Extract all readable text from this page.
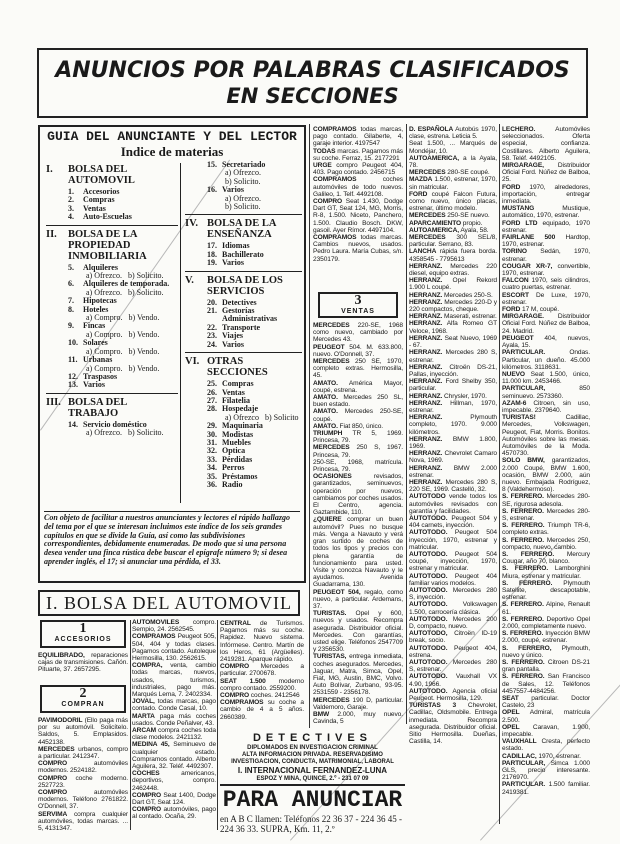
ANUNCIOS POR PALABRAS CLASIFICADOS
EN SECCIONES
GUIA DEL ANUNCIANTE Y DEL LECTOR
Indice de materias
I.	BOLSA DEL AUTOMOVIL
1.	Accesorios
2.	Compras
3.	Ventas
4.	Auto-Escuelas
II.	BOLSA DE LA PROPIEDAD INMOBILIARIA
5.	Alquileres
a) Ofrezco. b) Solicito.
6.	Alquileres de temporada.
a) Ofrezco. b) Solicito.
7.	Hipotecas
8.	Hoteles
a) Compro. b) Vendo.
9.	Fincas
a) Compro. b) Vendo.
10. Solares
a) Compro. b) Vendo.
11. Urbanas
a) Compro. b) Vendo.
12. Traspasos
13. Varios
III. BOLSA DEL TRABAJO
14. Servicio doméstico
a) Ofrezco. b) Solicito.
15. Secretariado
a) Ofrezco.
b) Solicito.
16. Varios
a) Ofrezco.
b) Solicito.
IV. BOLSA DE LA ENSEÑANZA
17. Idiomas
18. Bachillerato
19. Varios
V.	BOLSA DE LOS SERVICIOS
20. Detectives
21. Gestorías Administrativas
22. Transporte
23. Viajes
24. Varios
VI. OTRAS SECCIONES
25. Compras
26. Ventas
27. Filatelia
28. Hospedaje
a) Ofrezco b) Solicito
29. Maquinaria
30. Modistas
31. Muebles
32. Optica
33. Pérdidas
34. Perros
35. Préstamos
36. Radio
Con objeto de facilitar a nuestros anunciantes y lectores el rápido hallazgo del tema por el que se interesan incluimos este índice de los seis grandes capítulos en que se divide la Guía, así como las subdivisiones correspondientes, debidamente enumeradas. De modo que si una persona desea vender una finca rústica debe buscar el epígrafe número 9; si desea aprender inglés, el 17; si anunciar una pérdida, el 33.

COMPRAMOS todas marcas, pago contado. Gilaberte, 4, garaje interior. 4197547

TODAS marcas. Pagamos más su coche. Ferraz, 15. 2177291

URGE compro Peugeot 404, 403. Pago contado. 2456715

COMPRAMOS coches automóviles de todo nuevos. Galileo, 1. Telf. 4492108.

COMPRO Seat 1.430, Dodge Dart GT, Seat 124, MG, Morris, R-8, 1.500. Niceto, Panchero, 1.500. Claudio Bosch. DKW, gasoil. Ayer Rímor. 4497104.

COMPRAMOS todas marcas. Cambios nuevos, usados. Pedro Laura. María Cubas, s/n. 2350179.

3
VENTAS

MERCEDES 220-SE, 1968 como nuevo, cambiado por Mercedes 43.

PEUGEOT 504. M. 633.800, nuevo. O'Donnell, 37.

MERCEDES 250 SE, 1970, completo extras. Hermosilla, 45.

AMATO. América Mayor, coupé, estrena.

AMATO. Mercedes 250 SL, buen estado.

AMATO. Mercedes 250-SE, coupé.

AMATO. Fiat 850, único.

TRIUMPH TR 5, 1969. Princesa, 79.

MERCEDES 250 S, 1967. Princesa, 79.

250-SE, 1968, matrícula. Princesa, 79.

OCASIONES revisados, garantizados, seminuevos, operación por nuevos, cambiamos por coches usados. El Centro, agencia. Gaztambide, 110.

¿QUIERE comprar un buen automóvil? Pues no busque más. Venga a Navauto y verá gran surtido de coches de todos los tipos y precios con plena garantía de funcionamiento para usted. Visite y conozca Navauto y le ayudamos. Avenida Guadarrama, 130.

PEUGEOT 504, regalo, como nuevo, a particular. Ardemans, 37.

TURISTAS. Opel y 600, nuevos y usados. Recompra asegurada. Distribuidor oficial. Mercedes. Con garantías, usted elige. Teléfonos 2547709 y 2356530.

TURISTAS, entrega inmediata, coches asegurados. Mercedes, Jaguar, Matra, Simca, Opel, Fiat, MG, Austin, BMC, Volvo. Auto Bolívar, Zurbano, 93-95. 2531559 - 2356178.

MERCEDES 190 D, particular. Valdemoro, Garaje.

BMW 2.000, muy nuevo. Cavinda, 5

D. ESPAÑOLA Autobús 1970, clase, estrena. Leticia 5.

Seat 1.500, ... Marqués de Mondéjar, 10.

AUTOAMERICA, a la Ayala, 78.

MERCEDES 280-SE coupé.

MAZDA 1.500, estrenar, 1970, sin matricular.

FORD coupé Falcon Futura, como nuevo, único placas, estrenar, último modelo.

MERCEDES 250-SE nuevo.

APARCAMIENTO propio.

AUTOAMERICA, Ayala, 58.

MERCEDES 300 SEL/8, particular. Serrano, 83.

LANCHA rápida fuera borda. 4358545 - 7795613

HERRANZ. Mercedes 220 diesel, equipo extras.

HERRANZ. Opel Rekord 1.900 L coupé.

HERRANZ. Mercedes 250-S.

HERRANZ. Mercedes 220-D y 220 compactos, cheque.

HERRANZ. Maserati, estrenar.

HERRANZ. Alfa Romeo GT Veloce, 1968.

HERRANZ. Seat Nuevo, 1969 - 67.

HERRANZ. Mercedes 280 S, estrenar.

HERRANZ. Citroën DS-21, Pallas, inyección.

HERRANZ. Ford Shelby 350, particular.

HERRANZ. Chrysler, 1970.

HERRANZ. Hillman, 1970, estrenar.

HERRANZ. Plymouth completo, 1970. 9.000 kilómetros.

HERRANZ. BMW 1.800, 1969.

HERRANZ. Chevrolet Camaro Nova, 1969.

HERRANZ. BMW 2.000 estrenar.

HERRANZ. Mercedes 280 S, 220 SE, 1969. Castelló, 32.

AUTOTODO vende todos los automóviles revisados con garantía y facilidades.

AUTOTODO. Peugeot 504 y 404 carnets, inyección.

AUTOTODO. Peugeot 504 inyección, 1970, estrenar y matricular.

AUTOTODO. Peugeot 504 coupé, inyección, 1970, estrenar y matricular.

AUTOTODO. Peugeot 404 familiar varios modelos.

AUTOTODO. Mercedes 280 S, inyección.

AUTOTODO. Volkswagen 1.500, carrocería clásica.

AUTOTODO. Mercedes 200 D, compacto, nuevo.

AUTOTODO, Citroën ID-19 break, socio.

AUTOTODO. Peugeot 404, estrena.

AUTOTODO. Mercedes 280 S, estrenar.

AUTOTODO. Vauxhall VX 4.90, 1966.

AUTOTODO. Agencia oficial Peugeot. Hermosilla, 129.

TURISTAS 3 Chevrolet, Cadillac, Oldsmobile. Entrega inmediata. Recompra asegurada. Distribuidor oficial. Sitio Hermosilla. Dueñas, Castilla, 14.

LECHERO. Automóviles seleccionados. Oferta especial, confianza. Costillares. Alberto Aguilera, 58. Teléf. 4492105.

MIRGARAGE, Distribuidor Oficial Ford. Núñez de Balboa, 25.

FORD 1970, alrededores, importación, entregar inmediata.

MUSTANG Mustique, automático, 1970, estrenar.

FORD LTD equipado, 1970 estrenar.

FAIRLANE 500 Hardtop, 1970, estrenar.

TORINO Sedán, 1970, estrenar.

COUGAR XR-7, convertible, 1970, estrenar.

FALCON 1970, seis cilindros, cuatro puertas, estrenar.

ESCORT De Luxe, 1970, estrenar.

FORD 17 M, coupé.

MIRGARAGE. Distribuidor Oficial Ford. Núñez de Balboa, 24. Madrid.

PEUGEOT 404, nuevos, Ayala, 15.

PARTICULAR. Ondas. Particular, un dueño. 45.000 kilómetros. 3118631.

NUEVO Seat 1.500, único, 11.000 km. 2453466.

PARTICULAR, 850 seminuevo. 2573360.

AZAM-6 Citroen, sin uso, impecable. 2379640.

TURISTAS! Cadillac, Mercedes, Volkswagen, Peugeot, Fiat, Morris. Bonitos. Automóviles sobre las mesas. Automóviles de la Moda. 4570730.

SOLO BMW, garantizados, 2.000 Coupé, BMW 1.600, ocasión, BMW 2.000, aún nuevo. Embajada Rodríguez, 8 (Valdehermoso).

S. FERRERO. Mercedes 280-SE, rigurosa adesola.

S. FERRERO. Mercedes 280-S, estrenar.

S. FERRERO. Triumph TR-6, completo extras.

S. FERRERO. Mercedes 250, compacto, nuevo, cambio.

S. FERRERO. Mercury Cougar, año 70, blanco.

S. FERRERO. Lamborghini Miura, estrenar y matricular.

S. FERRERO. Plymouth Satellite, descapotable, estrenar.

S. FERRERO. Alpine, Renault 61.

S. FERRERO. Deportivo Opel 2.000, completamente nuevo.

S. FERRERO. Inyección BMW 2.000, coupé, estrenar.

S. FERRERO, Plymouth, nuevo y único.

S. FERRERO. Citroen DS-21 gran pantalla.

S. FERRERO. San Francisco de Sales, 12. Teléfonos 4457557-4484256.

SEAT particular. Doctor Castelo, 23

OPEL Admiral, matrícula 2.500.

OPEL Caravan, 1.900, impecable.

VAUXHALL Cresta, perfecto estado.

CADILLAC, 1970, estrenar.

PARTICULAR, Simca 1.000 GLS, precio interesante. 2176970.

PARTICULAR. 1.500 familiar. 2419381.

I. BOLSA DEL AUTOMOVIL
1
ACCESORIOS

EQUILIBRADO, reparaciones cajas de transmisiones. Cañón. Pituarte, 37. 2657295.

2
COMPRAN

PAVIMODORIL (Ello paga más por su automóvil. Solicítelo. Saldos, 5. Emplasidos. 4452138.

MERCEDES urbanos, compro a particular. 2412347.

COMPRO automóviles modernos. 2524182.

COMPRO coche moderno. 2527723.

COMPRO automóviles modernos. Teléfono 2761822. O'Donnell, 37.

SERVIMA compra cualquier automóviles, todas marcas. ... 5, 4131347.

AUTOMOVILES compro. Sempio, 24. 2562545.

COMPRAMOS Peugeot 505, 504, 404 y todas clases. Pagamos contado. Autoleque Hermosilla, 130. 2562615.

COMPRA, venta, cambio todas marcas, nuevos, usados, turismos, industriales, pago más. Marqués Lema, 7. 2402334.

JOVAL, todas marcas, pago contado. Conde Casal, 10.

MARTA paga más coches usados. Conde Peñalver, 43.

ARCAM compra coches toda clase modelos. 2421132.

MEDINA 45, Seminuevo de cualquier estado. Compramos contado. Alberto Aguilera, 32. Teléf. 4492307.

COCHES americanos, deportivos, compro. 2462448.

COMPRO Seat 1400, Dodge Dart GT, Seat 124.

COMPRO automóviles, pago al contado. Ocaña, 29.

CENTRAL de Turismos. Pagamos más su coche. Rapidez. Nuevo sistema. Infórmese. Centro. Martín de los Heros, 61 (Argüelles). 2419281. Aparque rápido.

COMPRO Mercedes a particular. 2700678.

SEAT 1.500 moderno compro contado. 2559200.

COMPRO coches. 2412546

COMPRAMOS su coche a cambio de 4 a 5 años. 2660389.

DETECTIVES
DIPLOMADOS EN INVESTIGACION CRIMINAL
ALTA INFORMACION PRIVADA. RESERVADISIMO
INVESTIGACION, CONDUCTA, MATRIMONIAL, LABORAL
I. INTERNACIONAL FERNANDEZ-LUNA
ESPOZ Y MINA, QUINCE, 2.º - 231 07 09
PARA ANUNCIAR
en A B C llamen: Teléfonos 22 36 37 - 224 36 45 - 224 36 33. SUPRA, Km. 11, 2.º
